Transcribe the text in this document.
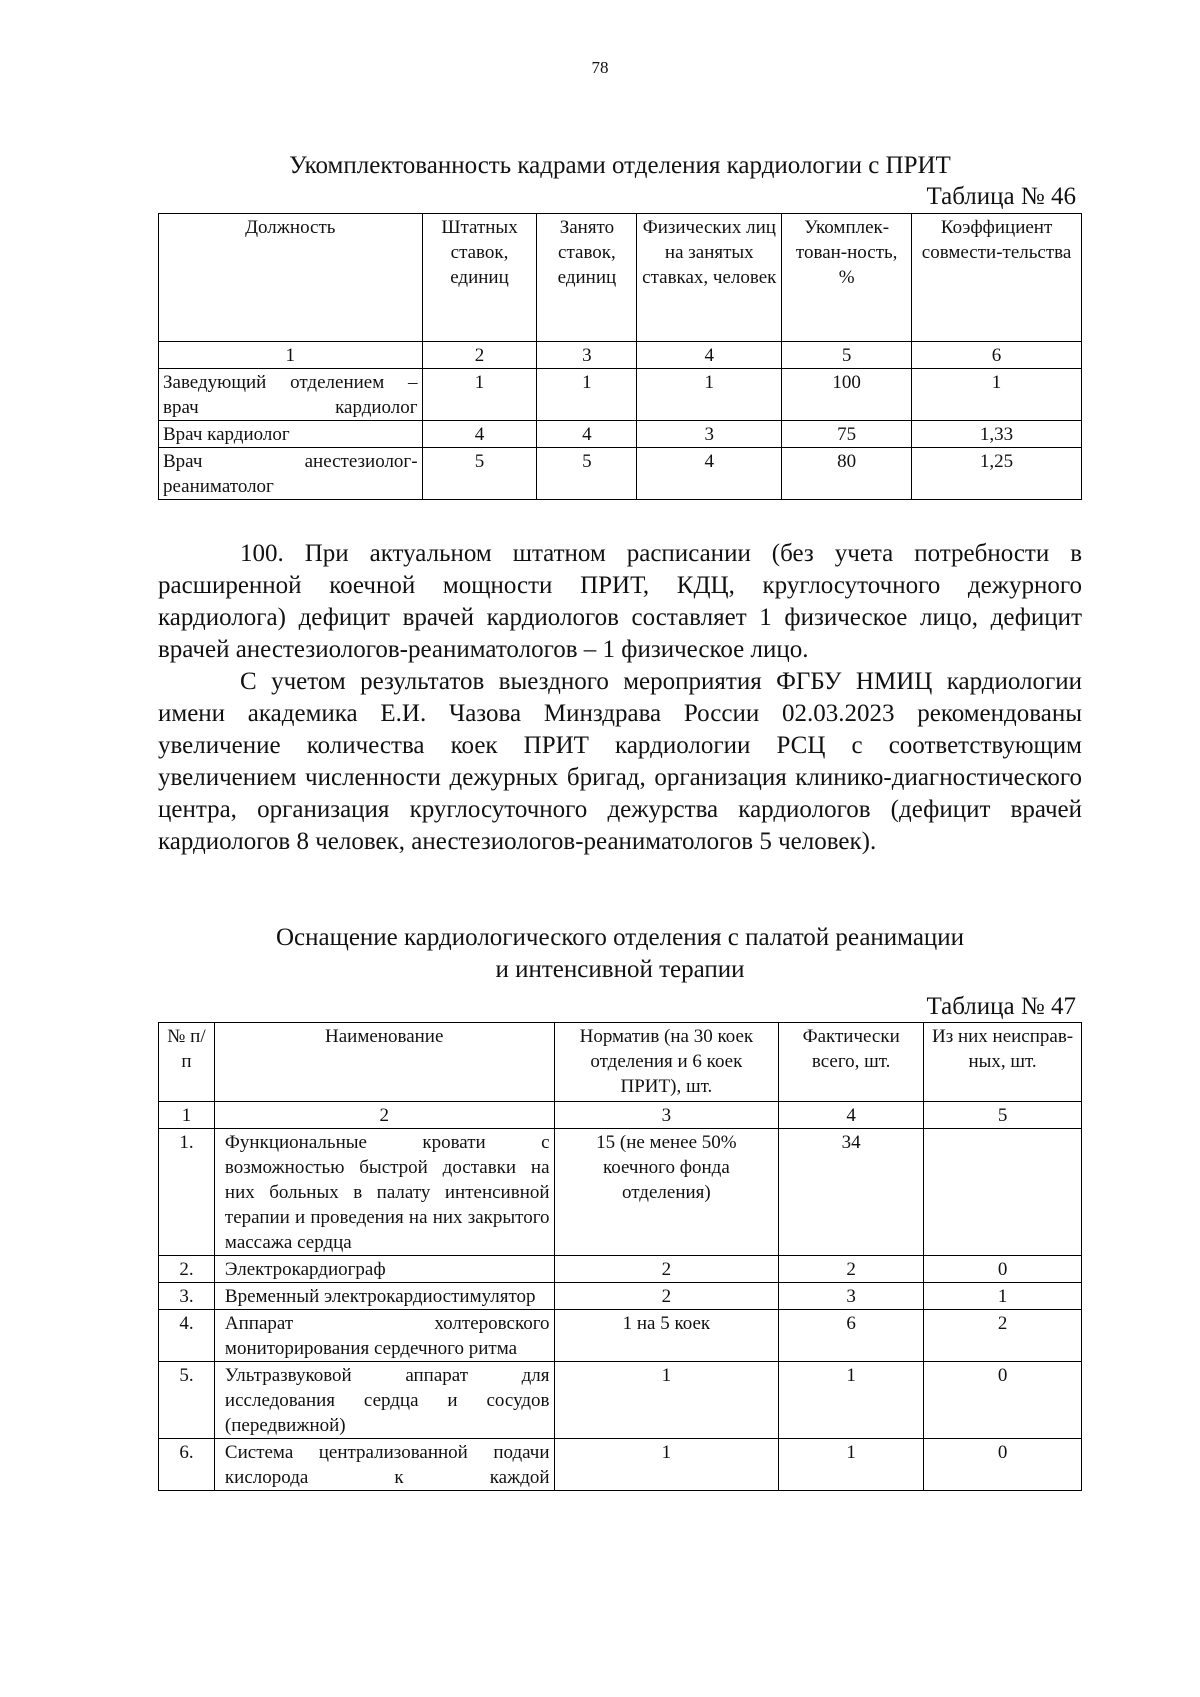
78
Укомплектованность кадрами отделения кардиологии с ПРИТ
Таблица № 46
Должность	Штатных ставок, единиц	Занято ставок, единиц	Физических лиц на занятых ставках, человек	Укомплек-тован-ность, %	Коэффициент совмести-тельства
1	2	3	4	5	6

Заведующий отделением – врач кардиолог	1	1	1	100	1
Врач кардиолог	4	4	3	75	1,33
Врач анестезиолог-реаниматолог	5	5	4	80	1,25

100. При актуальном штатном расписании (без учета потребности в расширенной коечной мощности ПРИТ, КДЦ, круглосуточного дежурного кардиолога) дефицит врачей кардиологов составляет 1 физическое лицо, дефицит врачей анестезиологов-реаниматологов – 1 физическое лицо.

С учетом результатов выездного мероприятия ФГБУ НМИЦ кардиологии имени академика Е.И. Чазова Минздрава России 02.03.2023 рекомендованы увеличение количества коек ПРИТ кардиологии РСЦ с соответствующим увеличением численности дежурных бригад, организация клинико-диагностического центра, организация круглосуточного дежурства кардиологов (дефицит врачей кардиологов 8 человек, анестезиологов-реаниматологов 5 человек).

Оснащение кардиологического отделения с палатой реанимации
и интенсивной терапии
Таблица № 47
№ п/п	Наименование	Норматив (на 30 коек отделения и 6 коек ПРИТ), шт.	Фактически всего, шт.	Из них неисправ-ных, шт.
1	2	3	4	5
1.	Функциональные кровати с возможностью быстрой доставки на них больных в палату интенсивной терапии и проведения на них закрытого массажа сердца	15 (не менее 50% коечного фонда отделения)	34	
2.	Электрокардиограф	2	2	0
3.	Временный электрокардиостимулятор	2	3	1
4.	Аппарат холтеровского мониторирования сердечного ритма	1 на 5 коек	6	2
5.	Ультразвуковой аппарат для исследования сердца и сосудов (передвижной)	1	1	0
6.	Система централизованной подачи кислорода к каждой	1	1	0
